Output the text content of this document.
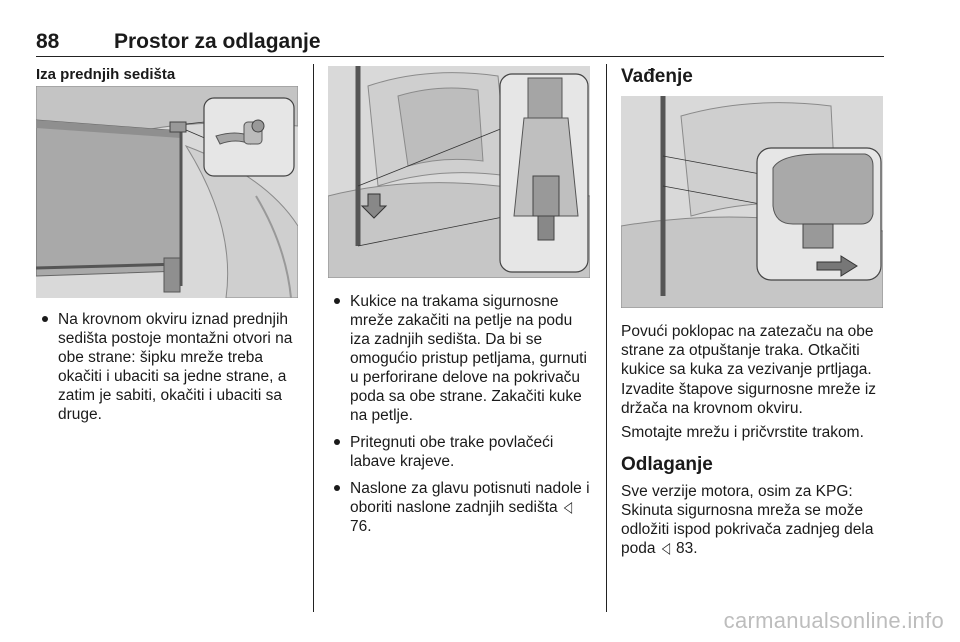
88	Prostor za odlaganje
Iza prednjih sedišta
Na krovnom okviru iznad prednjih sedišta postoje montažni otvori na obe strane: šipku mreže treba okačiti i ubaciti sa jedne strane, a zatim je sabiti, okačiti i ubaciti sa druge.
Kukice na trakama sigurnosne mreže zakačiti na petlje na podu iza zadnjih sedišta. Da bi se omogućio pristup petljama, gurnuti u perforirane delove na pokrivaču poda sa obe strane. Zakačiti kuke na petlje.
Pritegnuti obe trake povlačeći labave krajeve.
Naslone za glavu potisnuti nadole i oboriti naslone zadnjih sedišta ◁ 76.
Vađenje

Povući poklopac na zatezaču na obe strane za otpuštanje traka. Otkačiti kukice sa kuka za vezivanje prtljaga.

Izvadite štapove sigurnosne mreže iz držača na krovnom okviru.

Smotajte mrežu i pričvrstite trakom.

Odlaganje

Sve verzije motora, osim za KPG: Skinuta sigurnosna mreža se može odložiti ispod pokrivača zadnjeg dela poda ◁ 83.

carmanualsonline.info
